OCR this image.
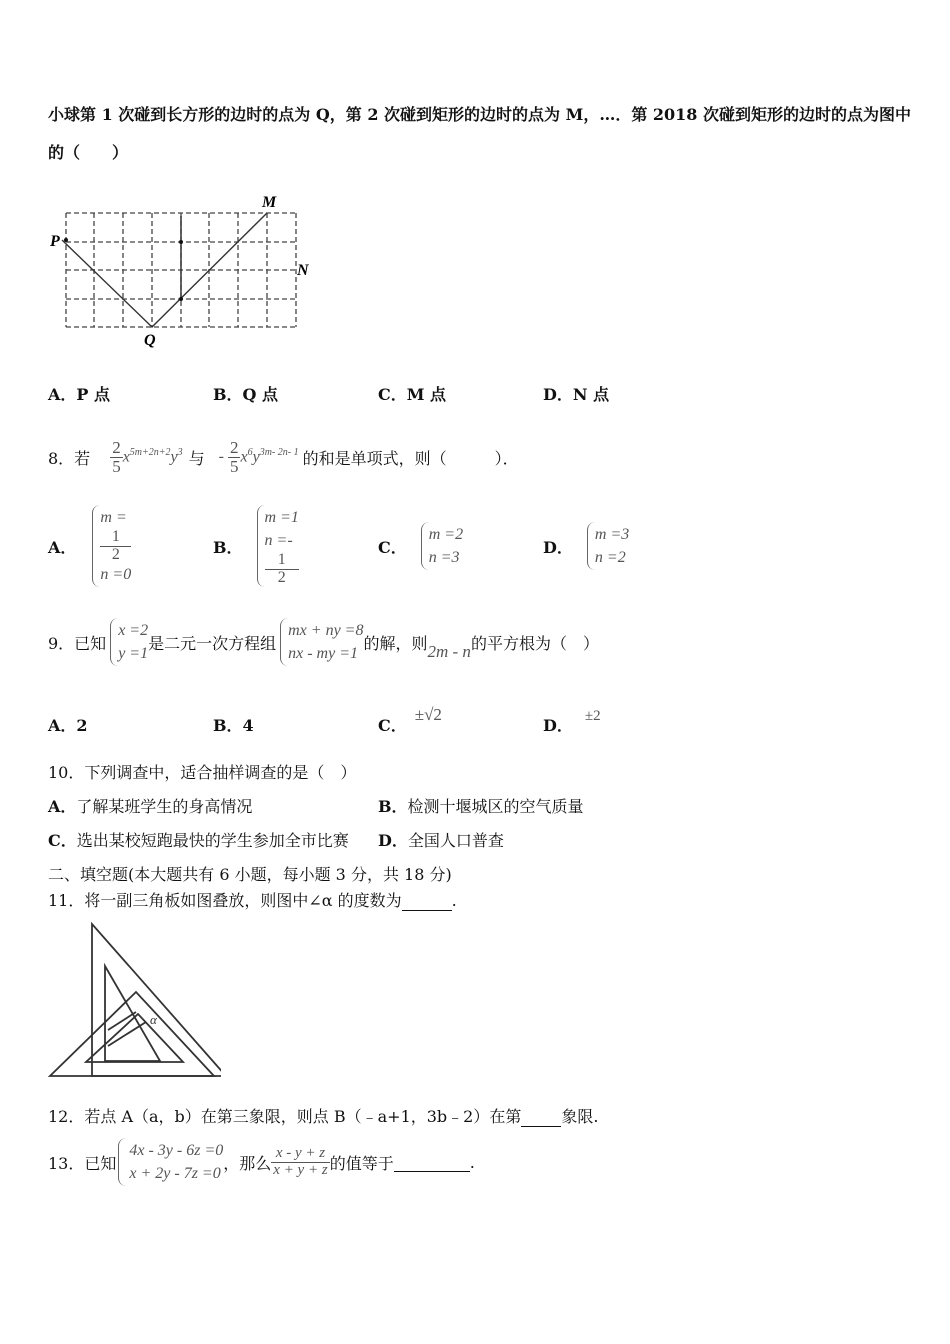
小球第 1 次碰到长方形的边时的点为 Q，第 2 次碰到矩形的边时的点为 M，…．第 2018 次碰到矩形的边时的点为图中
的（　　）
P
M
N
Q
A．P 点	B．Q 点	C．M 点	D．N 点
8．若 $\frac{2}{5} x^{5m+2n+2}y^3$ 与 - $\frac{2}{5} x^6y^{3m- 2n- 1}$ 的和是单项式，则（　　　）．
A．
m =
1
2
n =0
B．
m =1
n =-
1
2
C．
m =2
n =3
D．
m =3
n =2
9．已知
x =2
y =1
是二元一次方程组
mx + ny =8
nx - my =1
的解，则 2m - n 的平方根为（　）
A．2	B．4	C．±√2
D． ±2
10．下列调查中，适合抽样调查的是（　）
A．了解某班学生的身高情况	B．检测十堰城区的空气质量
C．选出某校短跑最快的学生参加全市比赛 D．全国人口普查
二、填空题(本大题共有 6 小题，每小题 3 分，共 18 分)
11．将一副三角板如图叠放，则图中∠α 的度数为	.
α
12．若点 A（a，b）在第三象限，则点 B（﹣a+1，3b﹣2）在第	象限.
13．已知
4x - 3y - 6z =0
x + 2y - 7z =0
，那么 $\frac{x - y + z}{x + y + z}$ 的值等于
	.
